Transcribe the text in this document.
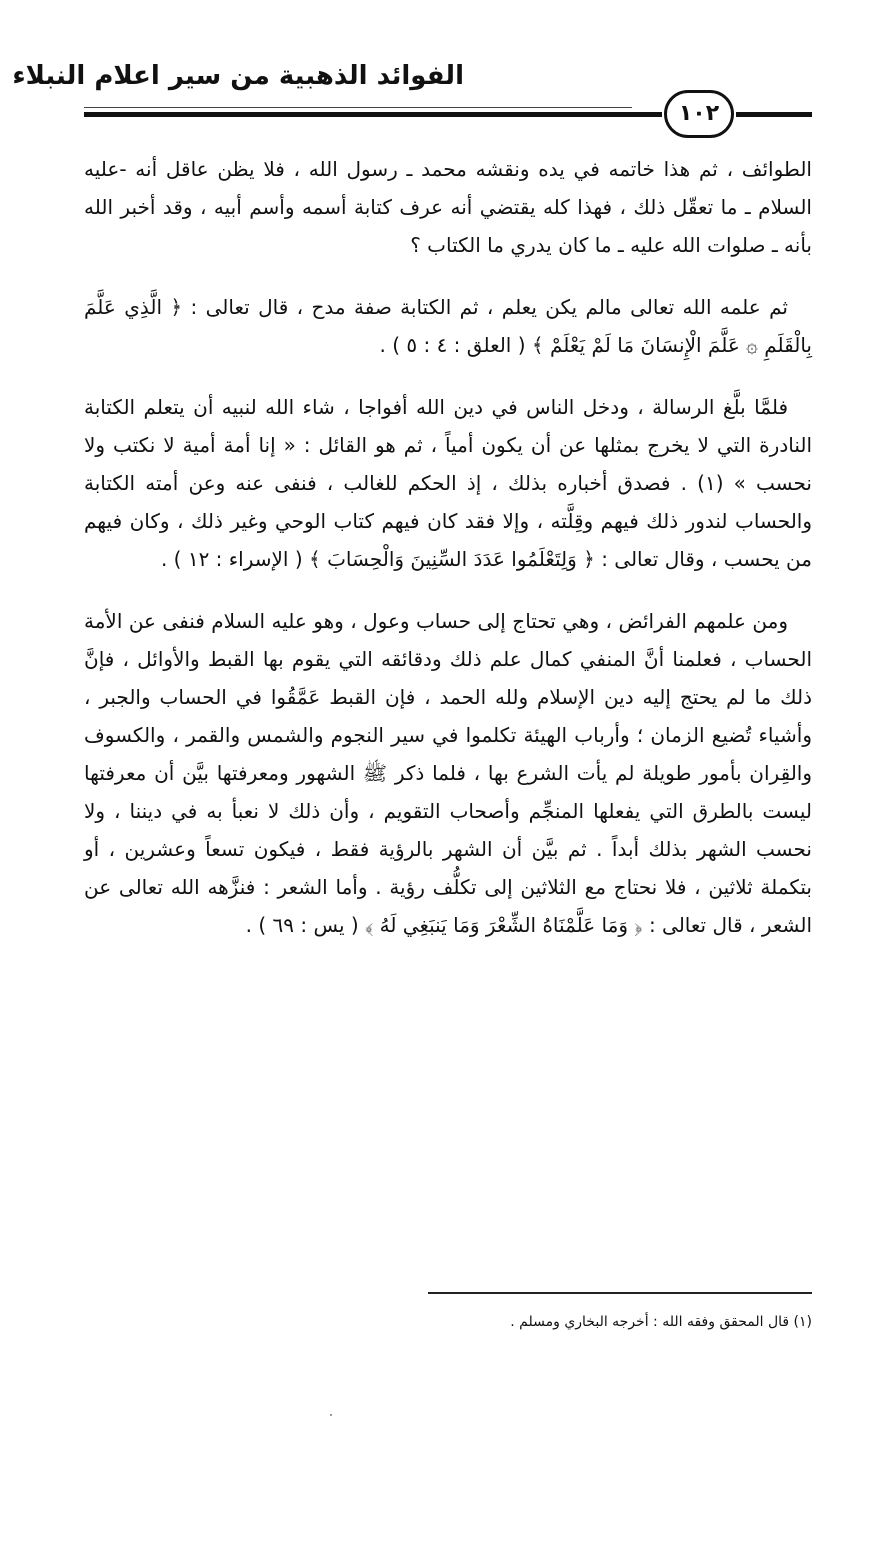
الفوائد الذهبية من سير اعلام النبلاء
١٠٢

الطوائف ، ثم هذا خاتمه في يده ونقشه محمد ـ رسول الله ، فلا يظن عاقل أنه -عليه السلام ـ ما تعقّل ذلك ، فهذا كله يقتضي أنه عرف كتابة أسمه وأسم أبيه ، وقد أخبر الله بأنه ـ صلوات الله عليه ـ ما كان يدري ما الكتاب ؟

ثم علمه الله تعالى مالم يكن يعلم ، ثم الكتابة صفة مدح ، قال تعالى : ﴿ الَّذِي عَلَّمَ بِالْقَلَمِ ۞ عَلَّمَ الْإِنسَانَ مَا لَمْ يَعْلَمْ ﴾ ( العلق : ٤ : ٥ ) .

فلمَّا بلَّغ الرسالة ، ودخل الناس في دين الله أفواجا ، شاء الله لنبيه أن يتعلم الكتابة النادرة التي لا يخرج بمثلها عن أن يكون أمياً ، ثم هو القائل : « إنا أمة أمية لا نكتب ولا نحسب » (١) . فصدق أخباره بذلك ، إذ الحكم للغالب ، فنفى عنه وعن أمته الكتابة والحساب لندور ذلك فيهم وقِلَّته ، وإلا فقد كان فيهم كتاب الوحي وغير ذلك ، وكان فيهم من يحسب ، وقال تعالى : ﴿ وَلِتَعْلَمُوا عَدَدَ السِّنِينَ وَالْحِسَابَ ﴾ ( الإسراء : ١٢ ) .

ومن علمهم الفرائض ، وهي تحتاج إلى حساب وعول ، وهو عليه السلام فنفى عن الأمة الحساب ، فعلمنا أنَّ المنفي كمال علم ذلك ودقائقه التي يقوم بها القبط والأوائل ، فإنَّ ذلك ما لم يحتج إليه دين الإسلام ولله الحمد ، فإن القبط عَمَّقُوا في الحساب والجبر ، وأشياء تُضيع الزمان ؛ وأرباب الهيئة تكلموا في سير النجوم والشمس والقمر ، والكسوف والقِران بأمور طويلة لم يأت الشرع بها ، فلما ذكر ﷺ الشهور ومعرفتها بيَّن أن معرفتها ليست بالطرق التي يفعلها المنجِّم وأصحاب التقويم ، وأن ذلك لا نعبأ به في ديننا ، ولا نحسب الشهر بذلك أبداً . ثم بيَّن أن الشهر بالرؤية فقط ، فيكون تسعاً وعشرين ، أو بتكملة ثلاثين ، فلا نحتاج مع الثلاثين إلى تكلُّف رؤية . وأما الشعر : فنزَّهه الله تعالى عن الشعر ، قال تعالى : ﴿ وَمَا عَلَّمْنَاهُ الشِّعْرَ وَمَا يَنبَغِي لَهُ ﴾ ( يس : ٦٩ ) .

(١) قال المحقق وفقه الله : أخرجه البخاري ومسلم .
